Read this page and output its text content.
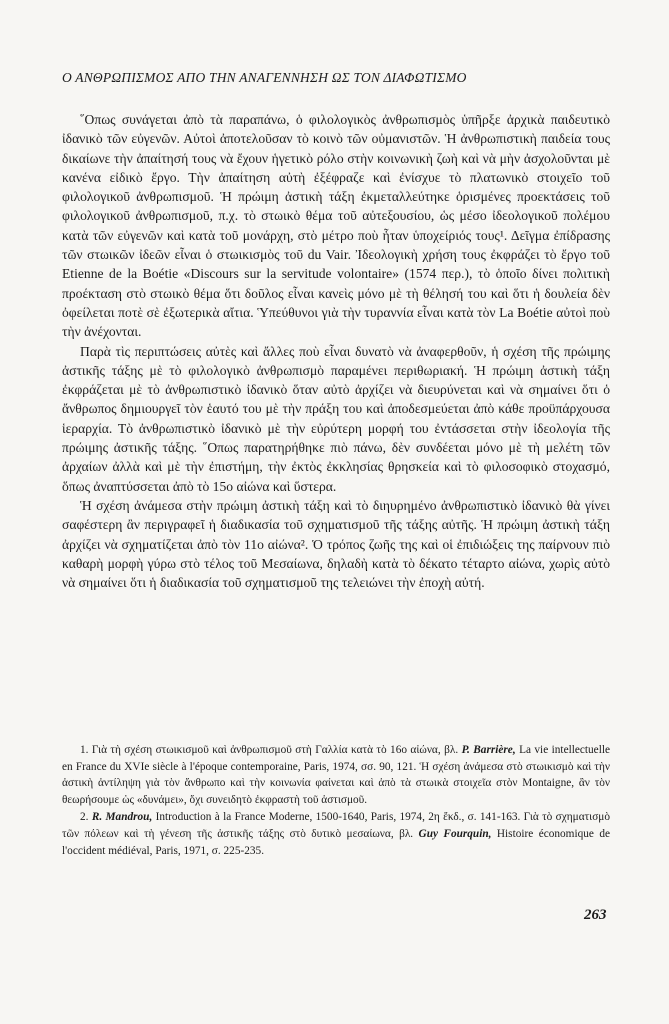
Ο ΑΝΘΡΩΠΙΣΜΟΣ ΑΠΟ ΤΗΝ ΑΝΑΓΕΝΝΗΣΗ ΩΣ ΤΟΝ ΔΙΑΦΩΤΙΣΜΟ

῞Οπως συνάγεται ἀπὸ τὰ παραπάνω, ὁ φιλολογικὸς ἀνθρωπισμὸς ὑπῆρξε ἀρχικὰ παιδευτικὸ ἰδανικὸ τῶν εὐγενῶν. Αὐτοὶ ἀποτελοῦσαν τὸ κοινὸ τῶν οὐμανιστῶν. Ἡ ἀνθρωπιστικὴ παιδεία τους δικαίωνε τὴν ἀπαίτησή τους νὰ ἔχουν ἡγετικὸ ρόλο στὴν κοινωνικὴ ζωὴ καὶ νὰ μὴν ἀσχολοῦνται μὲ κανένα εἰδικὸ ἔργο. Τὴν ἀπαίτηση αὐτὴ ἐξέφραζε καὶ ἐνίσχυε τὸ πλατωνικὸ στοιχεῖο τοῦ φιλολογικοῦ ἀνθρωπισμοῦ. Ἡ πρώιμη ἀστικὴ τάξη ἐκμεταλλεύτηκε ὁρισμένες προεκτάσεις τοῦ φιλολογικοῦ ἀνθρωπισμοῦ, π.χ. τὸ στωικὸ θέμα τοῦ αὐτεξουσίου, ὡς μέσο ἰδεολογικοῦ πολέμου κατὰ τῶν εὐγενῶν καὶ κατὰ τοῦ μονάρχη, στὸ μέτρο ποὺ ἦταν ὑποχείριός τους¹. Δεῖγμα ἐπίδρασης τῶν στωικῶν ἰδεῶν εἶναι ὁ στωικισμὸς τοῦ du Vair. Ἰδεολογικὴ χρήση τους ἐκφράζει τὸ ἔργο τοῦ Etienne de la Boétie «Discours sur la servitude volontaire» (1574 περ.), τὸ ὁποῖο δίνει πολιτικὴ προέκταση στὸ στωικὸ θέμα ὅτι δοῦλος εἶναι κανεὶς μόνο μὲ τὴ θέλησή του καὶ ὅτι ἡ δουλεία δὲν ὀφείλεται ποτὲ σὲ ἐξωτερικὰ αἴτια. Ὑπεύθυνοι γιὰ τὴν τυραννία εἶναι κατὰ τὸν La Boétie αὐτοὶ ποὺ τὴν ἀνέχονται.

Παρὰ τὶς περιπτώσεις αὐτὲς καὶ ἄλλες ποὺ εἶναι δυνατὸ νὰ ἀναφερθοῦν, ἡ σχέση τῆς πρώιμης ἀστικῆς τάξης μὲ τὸ φιλολογικὸ ἀνθρωπισμὸ παραμένει περιθωριακή. Ἡ πρώιμη ἀστικὴ τάξη ἐκφράζεται μὲ τὸ ἀνθρωπιστικὸ ἰδανικὸ ὅταν αὐτὸ ἀρχίζει νὰ διευρύνεται καὶ νὰ σημαίνει ὅτι ὁ ἄνθρωπος δημιουργεῖ τὸν ἑαυτό του μὲ τὴν πράξη του καὶ ἀποδεσμεύεται ἀπὸ κάθε προϋπάρχουσα ἱεραρχία. Τὸ ἀνθρωπιστικὸ ἰδανικὸ μὲ τὴν εὐρύτερη μορφή του ἐντάσσεται στὴν ἰδεολογία τῆς πρώιμης ἀστικῆς τάξης. ῞Οπως παρατηρήθηκε πιὸ πάνω, δὲν συνδέεται μόνο μὲ τὴ μελέτη τῶν ἀρχαίων ἀλλὰ καὶ μὲ τὴν ἐπιστήμη, τὴν ἐκτὸς ἐκκλησίας θρησκεία καὶ τὸ φιλοσοφικὸ στοχασμό, ὅπως ἀναπτύσσεται ἀπὸ τὸ 15ο αἰώνα καὶ ὕστερα.

Ἡ σχέση ἀνάμεσα στὴν πρώιμη ἀστικὴ τάξη καὶ τὸ διηυρημένο ἀνθρωπιστικὸ ἰδανικὸ θὰ γίνει σαφέστερη ἂν περιγραφεῖ ἡ διαδικασία τοῦ σχηματισμοῦ τῆς τάξης αὐτῆς. Ἡ πρώιμη ἀστικὴ τάξη ἀρχίζει νὰ σχηματίζεται ἀπὸ τὸν 11ο αἰώνα². Ὁ τρόπος ζωῆς της καὶ οἱ ἐπιδιώξεις της παίρνουν πιὸ καθαρὴ μορφὴ γύρω στὸ τέλος τοῦ Μεσαίωνα, δηλαδὴ κατὰ τὸ δέκατο τέταρτο αἰώνα, χωρὶς αὐτὸ νὰ σημαίνει ὅτι ἡ διαδικασία τοῦ σχηματισμοῦ της τελειώνει τὴν ἐποχὴ αὐτή.

1. Γιὰ τὴ σχέση στωικισμοῦ καὶ ἀνθρωπισμοῦ στὴ Γαλλία κατὰ τὸ 16ο αἰώνα, βλ. P. Barrière, La vie intellectuelle en France du XVIe siècle à l'époque contemporaine, Paris, 1974, σσ. 90, 121. Ἡ σχέση ἀνάμεσα στὸ στωικισμὸ καὶ τὴν ἀστικὴ ἀντίληψη γιὰ τὸν ἄνθρωπο καὶ τὴν κοινωνία φαίνεται καὶ ἀπὸ τὰ στωικὰ στοιχεῖα στὸν Montaigne, ἂν τὸν θεωρήσουμε ὡς «δυνάμει», ὄχι συνειδητὸ ἐκφραστὴ τοῦ ἀστισμοῦ.

2. R. Mandrou, Introduction à la France Moderne, 1500-1640, Paris, 1974, 2η ἔκδ., σ. 141-163. Γιὰ τὸ σχηματισμὸ τῶν πόλεων καὶ τὴ γένεση τῆς ἀστικῆς τάξης στὸ δυτικὸ μεσαίωνα, βλ. Guy Fourquin, Histoire économique de l'occident médiéval, Paris, 1971, σ. 225-235.

263
